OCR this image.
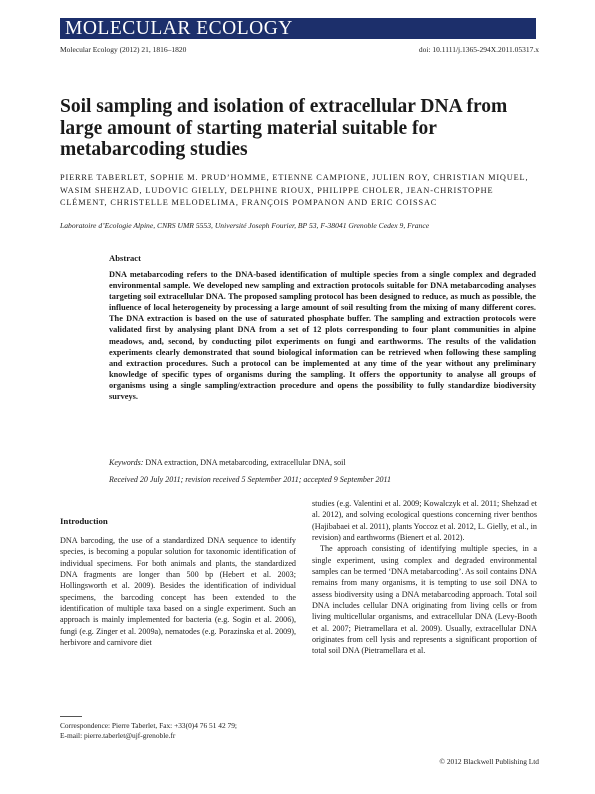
MOLECULAR ECOLOGY
Molecular Ecology (2012) 21, 1816–1820	doi: 10.1111/j.1365-294X.2011.05317.x
Soil sampling and isolation of extracellular DNA from large amount of starting material suitable for metabarcoding studies
PIERRE TABERLET, SOPHIE M. PRUD’HOMME, ETIENNE CAMPIONE, JULIEN ROY, CHRISTIAN MIQUEL, WASIM SHEHZAD, LUDOVIC GIELLY, DELPHINE RIOUX, PHILIPPE CHOLER, JEAN-CHRISTOPHE CLÉMENT, CHRISTELLE MELODELIMA, FRANÇOIS POMPANON AND ERIC COISSAC
Laboratoire d’Ecologie Alpine, CNRS UMR 5553, Université Joseph Fourier, BP 53, F-38041 Grenoble Cedex 9, France
Abstract

DNA metabarcoding refers to the DNA-based identification of multiple species from a single complex and degraded environmental sample. We developed new sampling and extraction protocols suitable for DNA metabarcoding analyses targeting soil extracellular DNA. The proposed sampling protocol has been designed to reduce, as much as possible, the influence of local heterogeneity by processing a large amount of soil resulting from the mixing of many different cores. The DNA extraction is based on the use of saturated phosphate buffer. The sampling and extraction protocols were validated first by analysing plant DNA from a set of 12 plots corresponding to four plant communities in alpine meadows, and, second, by conducting pilot experiments on fungi and earthworms. The results of the validation experiments clearly demonstrated that sound biological information can be retrieved when following these sampling and extraction procedures. Such a protocol can be implemented at any time of the year without any preliminary knowledge of specific types of organisms during the sampling. It offers the opportunity to analyse all groups of organisms using a single sampling/extraction procedure and opens the possibility to fully standardize biodiversity surveys.

Keywords: DNA extraction, DNA metabarcoding, extracellular DNA, soil
Received 20 July 2011; revision received 5 September 2011; accepted 9 September 2011
Introduction

DNA barcoding, the use of a standardized DNA sequence to identify species, is becoming a popular solution for taxonomic identification of individual specimens. For both animals and plants, the standardized DNA fragments are longer than 500 bp (Hebert et al. 2003; Hollingsworth et al. 2009). Besides the identification of individual specimens, the barcoding concept has been extended to the identification of multiple taxa based on a single experiment. Such an approach is mainly implemented for bacteria (e.g. Sogin et al. 2006), fungi (e.g. Zinger et al. 2009a), nematodes (e.g. Porazinska et al. 2009), herbivore and carnivore diet

studies (e.g. Valentini et al. 2009; Kowalczyk et al. 2011; Shehzad et al. 2012), and solving ecological questions concerning river benthos (Hajibabaei et al. 2011), plants Yoccoz et al. 2012, L. Gielly, et al., in revision) and earthworms (Bienert et al. 2012).

The approach consisting of identifying multiple species, in a single experiment, using complex and degraded environmental samples can be termed ‘DNA metabarcoding’. As soil contains DNA remains from many organisms, it is tempting to use soil DNA to assess biodiversity using a DNA metabarcoding approach. Total soil DNA includes cellular DNA originating from living cells or from living multicellular organisms, and extracellular DNA (Levy-Booth et al. 2007; Pietramellara et al. 2009). Usually, extracellular DNA originates from cell lysis and represents a significant proportion of total soil DNA (Pietramellara et al.

Correspondence: Pierre Taberlet, Fax: +33(0)4 76 51 42 79;
E-mail: pierre.taberlet@ujf-grenoble.fr
© 2012 Blackwell Publishing Ltd
